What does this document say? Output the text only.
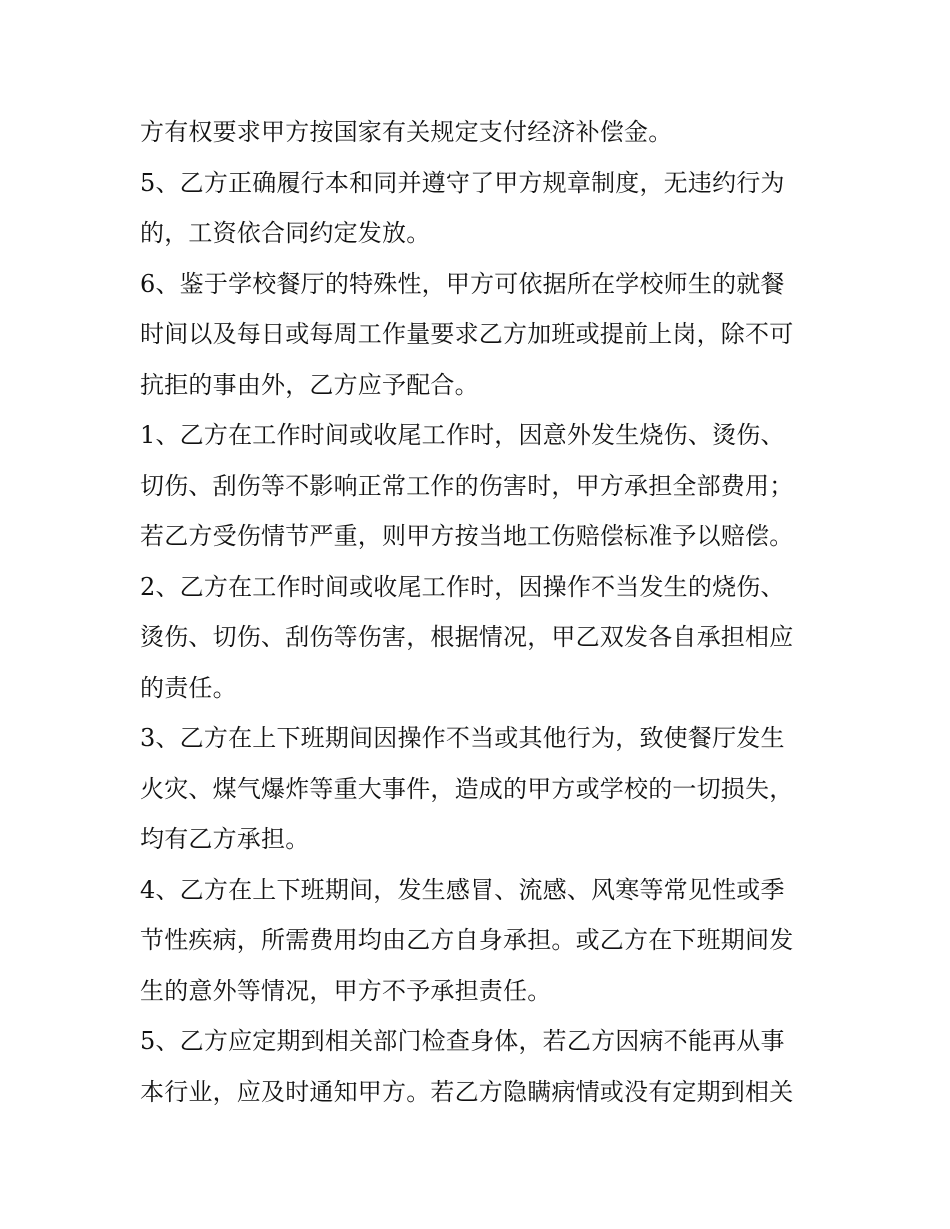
方有权要求甲方按国家有关规定支付经济补偿金。
5、乙方正确履行本和同并遵守了甲方规章制度，无违约行为
的，工资依合同约定发放。
6、鉴于学校餐厅的特殊性，甲方可依据所在学校师生的就餐
时间以及每日或每周工作量要求乙方加班或提前上岗，除不可
抗拒的事由外，乙方应予配合。
1、乙方在工作时间或收尾工作时，因意外发生烧伤、烫伤、
切伤、刮伤等不影响正常工作的伤害时，甲方承担全部费用；
若乙方受伤情节严重，则甲方按当地工伤赔偿标准予以赔偿。
2、乙方在工作时间或收尾工作时，因操作不当发生的烧伤、
烫伤、切伤、刮伤等伤害，根据情况，甲乙双发各自承担相应
的责任。
3、乙方在上下班期间因操作不当或其他行为，致使餐厅发生
火灾、煤气爆炸等重大事件，造成的甲方或学校的一切损失，
均有乙方承担。
4、乙方在上下班期间，发生感冒、流感、风寒等常见性或季
节性疾病，所需费用均由乙方自身承担。或乙方在下班期间发
生的意外等情况，甲方不予承担责任。
5、乙方应定期到相关部门检查身体，若乙方因病不能再从事
本行业，应及时通知甲方。若乙方隐瞒病情或没有定期到相关
